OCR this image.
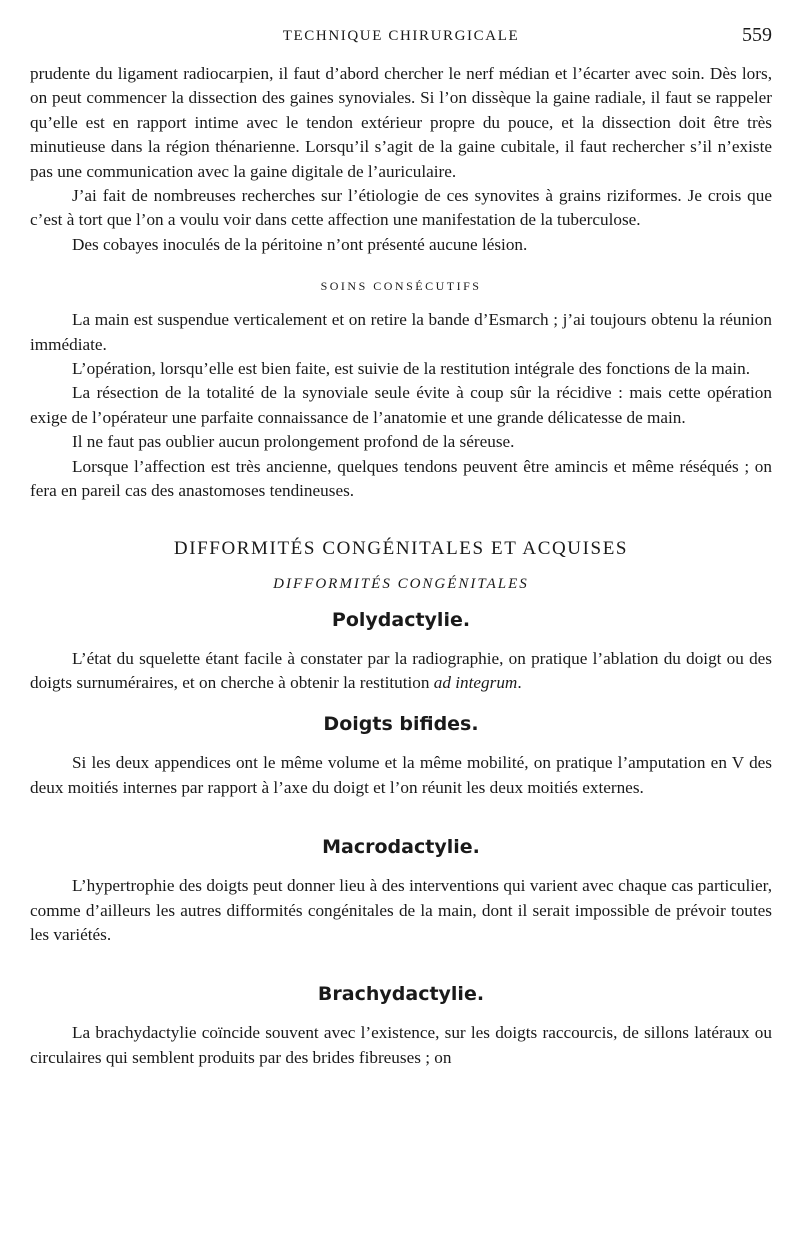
TECHNIQUE CHIRURGICALE	559

prudente du ligament radiocarpien, il faut d’abord chercher le nerf médian et l’écarter avec soin. Dès lors, on peut commencer la dissection des gaines synoviales. Si l’on dissèque la gaine radiale, il faut se rappeler qu’elle est en rapport intime avec le tendon extérieur propre du pouce, et la dissection doit être très minutieuse dans la région thénarienne. Lorsqu’il s’agit de la gaine cubitale, il faut rechercher s’il n’existe pas une communication avec la gaine digitale de l’auriculaire.

J’ai fait de nombreuses recherches sur l’étiologie de ces synovites à grains riziformes. Je crois que c’est à tort que l’on a voulu voir dans cette affection une manifestation de la tuberculose.

Des cobayes inoculés de la péritoine n’ont présenté aucune lésion.

SOINS CONSÉCUTIFS

La main est suspendue verticalement et on retire la bande d’Esmarch ; j’ai toujours obtenu la réunion immédiate.

L’opération, lorsqu’elle est bien faite, est suivie de la restitution intégrale des fonctions de la main.

La résection de la totalité de la synoviale seule évite à coup sûr la récidive : mais cette opération exige de l’opérateur une parfaite connaissance de l’anatomie et une grande délicatesse de main.

Il ne faut pas oublier aucun prolongement profond de la séreuse.

Lorsque l’affection est très ancienne, quelques tendons peuvent être amincis et même réséqués ; on fera en pareil cas des anastomoses tendineuses.

DIFFORMITÉS CONGÉNITALES ET ACQUISES
DIFFORMITÉS CONGÉNITALES
Polydactylie.

L’état du squelette étant facile à constater par la radiographie, on pratique l’ablation du doigt ou des doigts surnuméraires, et on cherche à obtenir la restitution ad integrum.

Doigts bifides.

Si les deux appendices ont le même volume et la même mobilité, on pratique l’amputation en V des deux moitiés internes par rapport à l’axe du doigt et l’on réunit les deux moitiés externes.

Macrodactylie.

L’hypertrophie des doigts peut donner lieu à des interventions qui varient avec chaque cas particulier, comme d’ailleurs les autres difformités congénitales de la main, dont il serait impossible de prévoir toutes les variétés.

Brachydactylie.

La brachydactylie coïncide souvent avec l’existence, sur les doigts raccourcis, de sillons latéraux ou circulaires qui semblent produits par des brides fibreuses ; on
